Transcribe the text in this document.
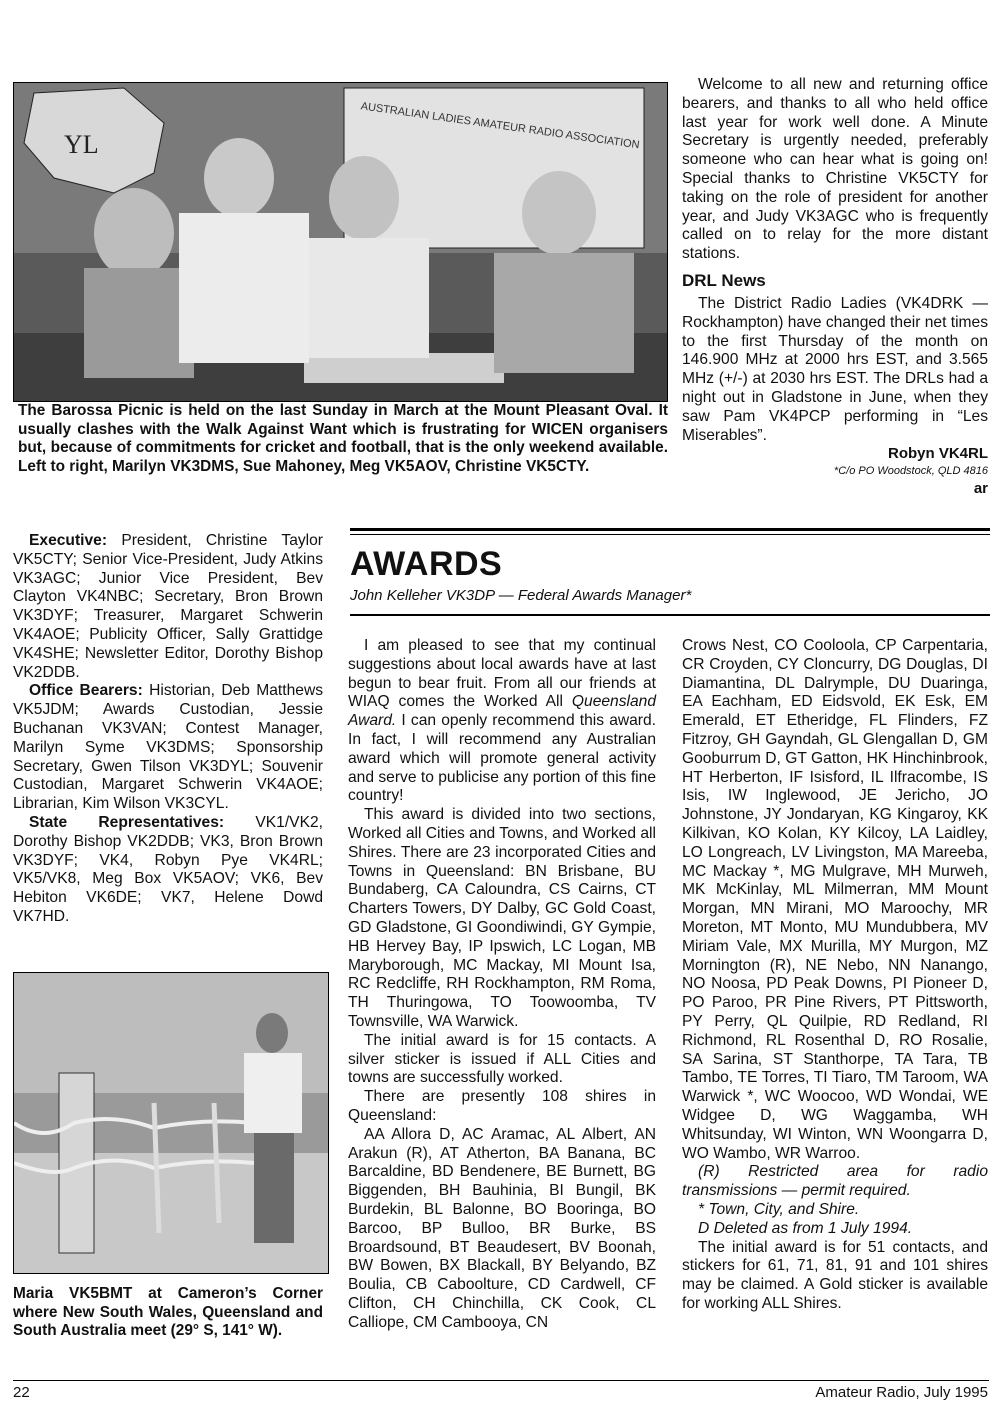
YL	AUSTRALIAN LADIES AMATEUR RADIO ASSOCIATION
The Barossa Picnic is held on the last Sunday in March at the Mount Pleasant Oval. It usually clashes with the Walk Against Want which is frustrating for WICEN organisers but, because of commitments for cricket and football, that is the only weekend available. Left to right, Marilyn VK3DMS, Sue Mahoney, Meg VK5AOV, Christine VK5CTY.

Welcome to all new and returning office bearers, and thanks to all who held office last year for work well done. A Minute Secretary is urgently needed, preferably someone who can hear what is going on! Special thanks to Christine VK5CTY for taking on the role of president for another year, and Judy VK3AGC who is frequently called on to relay for the more distant stations.

DRL News

The District Radio Ladies (VK4DRK — Rockhampton) have changed their net times to the first Thursday of the month on 146.900 MHz at 2000 hrs EST, and 3.565 MHz (+/-) at 2030 hrs EST. The DRLs had a night out in Gladstone in June, when they saw Pam VK4PCP performing in “Les Miserables”.

Robyn VK4RL
*C/o PO Woodstock, QLD 4816
ar

Executive: President, Christine Taylor VK5CTY; Senior Vice-President, Judy Atkins VK3AGC; Junior Vice President, Bev Clayton VK4NBC; Secretary, Bron Brown VK3DYF; Treasurer, Margaret Schwerin VK4AOE; Publicity Officer, Sally Grattidge VK4SHE; Newsletter Editor, Dorothy Bishop VK2DDB.

Office Bearers: Historian, Deb Matthews VK5JDM; Awards Custodian, Jessie Buchanan VK3VAN; Contest Manager, Marilyn Syme VK3DMS; Sponsorship Secretary, Gwen Tilson VK3DYL; Souvenir Custodian, Margaret Schwerin VK4AOE; Librarian, Kim Wilson VK3CYL.

State Representatives: VK1/VK2, Dorothy Bishop VK2DDB; VK3, Bron Brown VK3DYF; VK4, Robyn Pye VK4RL; VK5/VK8, Meg Box VK5AOV; VK6, Bev Hebiton VK6DE; VK7, Helene Dowd VK7HD.

Maria VK5BMT at Cameron’s Corner where New South Wales, Queensland and South Australia meet (29° S, 141° W).
AWARDS
John Kelleher VK3DP — Federal Awards Manager*

I am pleased to see that my continual suggestions about local awards have at last begun to bear fruit. From all our friends at WIAQ comes the Worked All Queensland Award. I can openly recommend this award. In fact, I will recommend any Australian award which will promote general activity and serve to publicise any portion of this fine country!

This award is divided into two sections, Worked all Cities and Towns, and Worked all Shires. There are 23 incorporated Cities and Towns in Queensland: BN Brisbane, BU Bundaberg, CA Caloundra, CS Cairns, CT Charters Towers, DY Dalby, GC Gold Coast, GD Gladstone, GI Goondiwindi, GY Gympie, HB Hervey Bay, IP Ipswich, LC Logan, MB Maryborough, MC Mackay, MI Mount Isa, RC Redcliffe, RH Rockhampton, RM Roma, TH Thuringowa, TO Toowoomba, TV Townsville, WA Warwick.

The initial award is for 15 contacts. A silver sticker is issued if ALL Cities and towns are successfully worked.

There are presently 108 shires in Queensland:

AA Allora D, AC Aramac, AL Albert, AN Arakun (R), AT Atherton, BA Banana, BC Barcaldine, BD Bendenere, BE Burnett, BG Biggenden, BH Bauhinia, BI Bungil, BK Burdekin, BL Balonne, BO Booringa, BO Barcoo, BP Bulloo, BR Burke, BS Broardsound, BT Beaudesert, BV Boonah, BW Bowen, BX Blackall, BY Belyando, BZ Boulia, CB Caboolture, CD Cardwell, CF Clifton, CH Chinchilla, CK Cook, CL Calliope, CM Cambooya, CN

Crows Nest, CO Cooloola, CP Carpentaria, CR Croyden, CY Cloncurry, DG Douglas, DI Diamantina, DL Dalrymple, DU Duaringa, EA Eachham, ED Eidsvold, EK Esk, EM Emerald, ET Etheridge, FL Flinders, FZ Fitzroy, GH Gayndah, GL Glengallan D, GM Gooburrum D, GT Gatton, HK Hinchinbrook, HT Herberton, IF Isisford, IL Ilfracombe, IS Isis, IW Inglewood, JE Jericho, JO Johnstone, JY Jondaryan, KG Kingaroy, KK Kilkivan, KO Kolan, KY Kilcoy, LA Laidley, LO Longreach, LV Livingston, MA Mareeba, MC Mackay *, MG Mulgrave, MH Murweh, MK McKinlay, ML Milmerran, MM Mount Morgan, MN Mirani, MO Maroochy, MR Moreton, MT Monto, MU Mundubbera, MV Miriam Vale, MX Murilla, MY Murgon, MZ Mornington (R), NE Nebo, NN Nanango, NO Noosa, PD Peak Downs, PI Pioneer D, PO Paroo, PR Pine Rivers, PT Pittsworth, PY Perry, QL Quilpie, RD Redland, RI Richmond, RL Rosenthal D, RO Rosalie, SA Sarina, ST Stanthorpe, TA Tara, TB Tambo, TE Torres, TI Tiaro, TM Taroom, WA Warwick *, WC Woocoo, WD Wondai, WE Widgee D, WG Waggamba, WH Whitsunday, WI Winton, WN Woongarra D, WO Wambo, WR Warroo.

(R) Restricted area for radio transmissions — permit required.

* Town, City, and Shire.

D Deleted as from 1 July 1994.

The initial award is for 51 contacts, and stickers for 61, 71, 81, 91 and 101 shires may be claimed. A Gold sticker is available for working ALL Shires.

22	Amateur Radio, July 1995
